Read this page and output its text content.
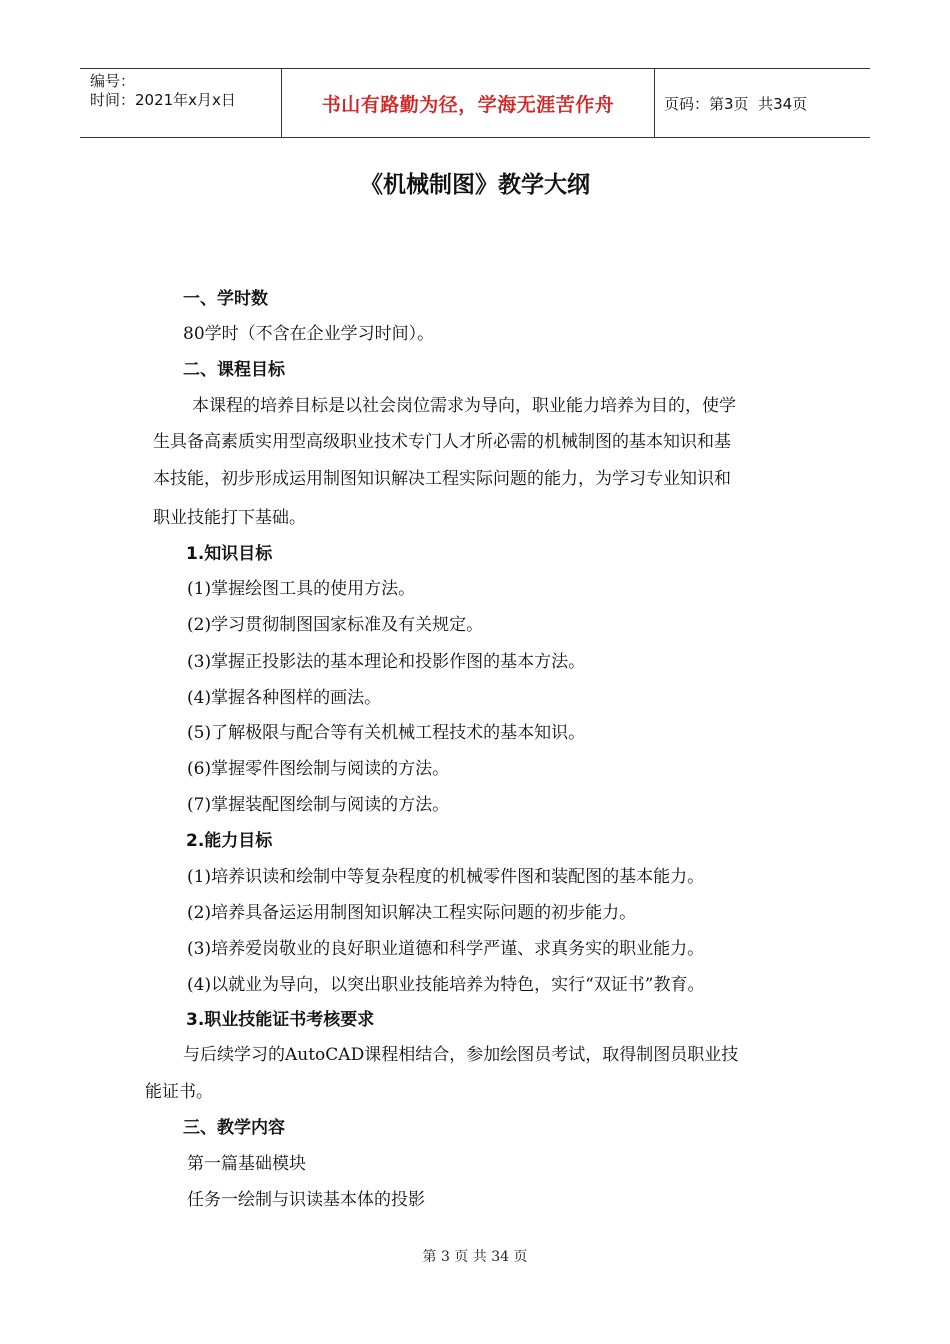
编号：
时间：2021年x月x日	书山有路勤为径，学海无涯苦作舟	页码：第3页  共34页
《机械制图》教学大纲
一、学时数
80学时（不含在企业学习时间）。
二、课程目标
本课程的培养目标是以社会岗位需求为导向，职业能力培养为目的，使学
生具备高素质实用型高级职业技术专门人才所必需的机械制图的基本知识和基
本技能，初步形成运用制图知识解决工程实际问题的能力，为学习专业知识和
职业技能打下基础。
1.知识目标
(1)掌握绘图工具的使用方法。
(2)学习贯彻制图国家标准及有关规定。
(3)掌握正投影法的基本理论和投影作图的基本方法。
(4)掌握各种图样的画法。
(5)了解极限与配合等有关机械工程技术的基本知识。
(6)掌握零件图绘制与阅读的方法。
(7)掌握装配图绘制与阅读的方法。
2.能力目标
(1)培养识读和绘制中等复杂程度的机械零件图和装配图的基本能力。
(2)培养具备运运用制图知识解决工程实际问题的初步能力。
(3)培养爱岗敬业的良好职业道德和科学严谨、求真务实的职业能力。
(4)以就业为导向，以突出职业技能培养为特色，实行“双证书”教育。
3.职业技能证书考核要求
与后续学习的AutoCAD课程相结合，参加绘图员考试，取得制图员职业技
能证书。
三、教学内容
第一篇基础模块
任务一绘制与识读基本体的投影
第 3 页 共 34 页
